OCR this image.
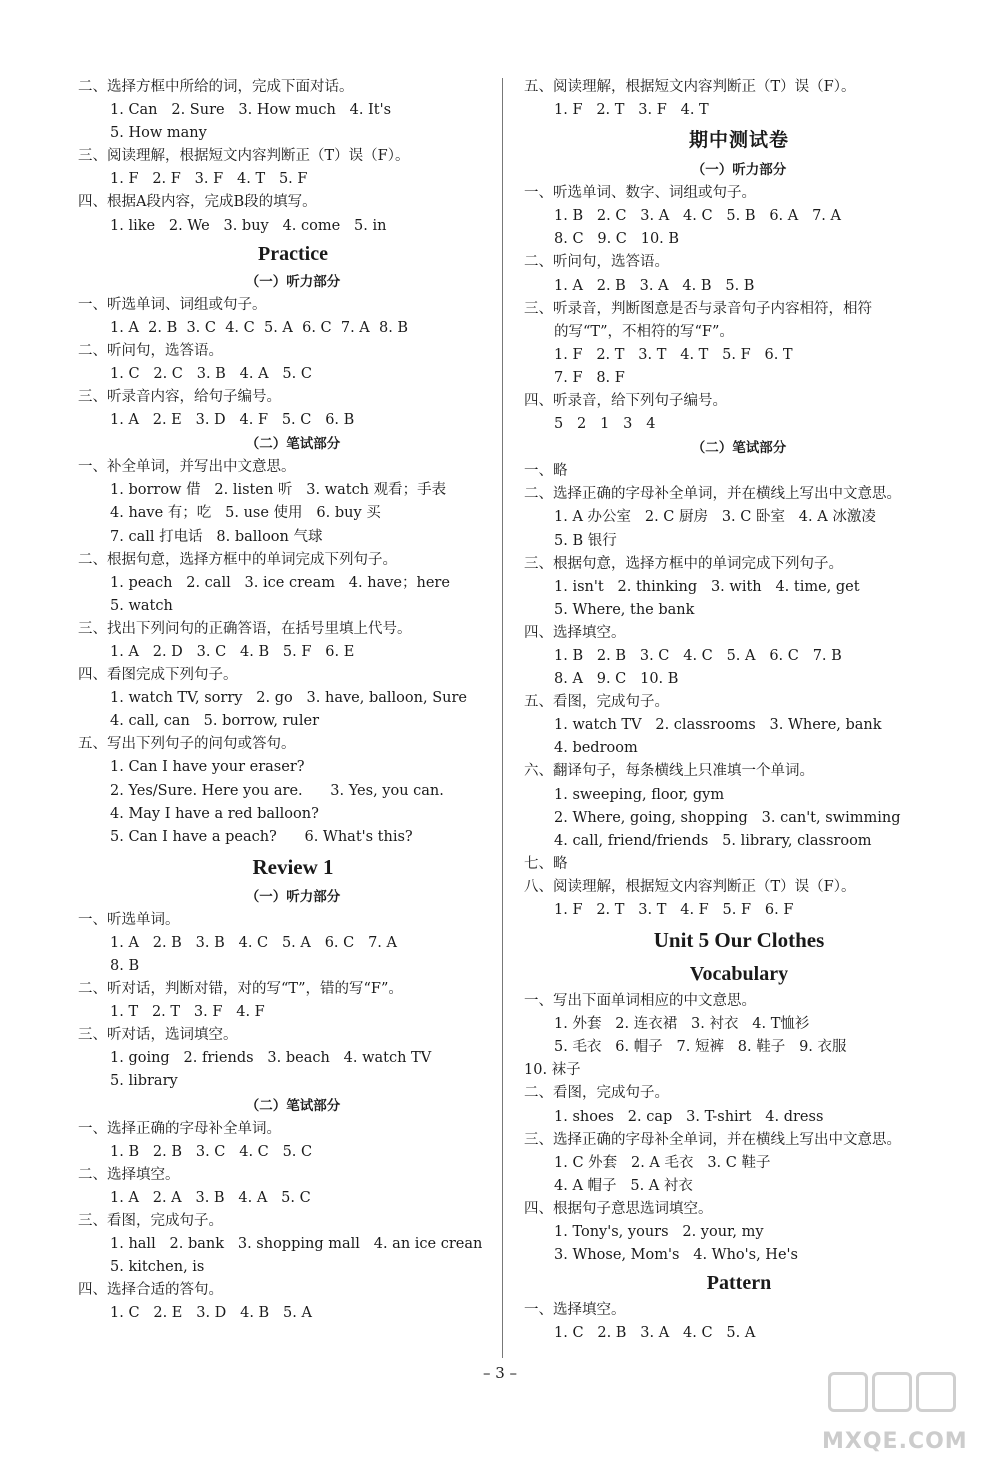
二、选择方框中所给的词，完成下面对话。
1. Can   2. Sure   3. How much   4. It's
5. How many
三、阅读理解，根据短文内容判断正（T）误（F）。
1. F   2. F   3. F   4. T   5. F
四、根据A段内容，完成B段的填写。
1. like   2. We   3. buy   4. come   5. in
Practice
（一）听力部分
一、听选单词、词组或句子。
1. A  2. B  3. C  4. C  5. A  6. C  7. A  8. B
二、听问句，选答语。
1. C   2. C   3. B   4. A   5. C
三、听录音内容，给句子编号。
1. A   2. E   3. D   4. F   5. C   6. B
（二）笔试部分
一、补全单词，并写出中文意思。
1. borrow 借   2. listen 听   3. watch 观看；手表
4. have 有；吃   5. use 使用   6. buy 买
7. call 打电话   8. balloon 气球
二、根据句意，选择方框中的单词完成下列句子。
1. peach   2. call   3. ice cream   4. have；here
5. watch
三、找出下列问句的正确答语，在括号里填上代号。
1. A   2. D   3. C   4. B   5. F   6. E
四、看图完成下列句子。
1. watch TV, sorry   2. go   3. have, balloon, Sure
4. call, can   5. borrow, ruler
五、写出下列句子的问句或答句。
1. Can I have your eraser?
2. Yes/Sure. Here you are.      3. Yes, you can.
4. May I have a red balloon?
5. Can I have a peach?      6. What's this?
Review 1
（一）听力部分
一、听选单词。
1. A   2. B   3. B   4. C   5. A   6. C   7. A
8. B
二、听对话，判断对错，对的写“T”，错的写“F”。
1. T   2. T   3. F   4. F
三、听对话，选词填空。
1. going   2. friends   3. beach   4. watch TV
5. library
（二）笔试部分
一、选择正确的字母补全单词。
1. B   2. B   3. C   4. C   5. C
二、选择填空。
1. A   2. A   3. B   4. A   5. C
三、看图，完成句子。
1. hall   2. bank   3. shopping mall   4. an ice crean
5. kitchen, is
四、选择合适的答句。
1. C   2. E   3. D   4. B   5. A
五、阅读理解，根据短文内容判断正（T）误（F）。
1. F   2. T   3. F   4. T
期中测试卷
（一）听力部分
一、听选单词、数字、词组或句子。
1. B   2. C   3. A   4. C   5. B   6. A   7. A
8. C   9. C   10. B
二、听问句，选答语。
1. A   2. B   3. A   4. B   5. B
三、听录音，判断图意是否与录音句子内容相符，相符
的写“T”，不相符的写“F”。
1. F   2. T   3. T   4. T   5. F   6. T
7. F   8. F
四、听录音，给下列句子编号。
5   2   1   3   4
（二）笔试部分
一、略
二、选择正确的字母补全单词，并在横线上写出中文意思。
1. A 办公室   2. C 厨房   3. C 卧室   4. A 冰激凌
5. B 银行
三、根据句意，选择方框中的单词完成下列句子。
1. isn't   2. thinking   3. with   4. time, get
5. Where, the bank
四、选择填空。
1. B   2. B   3. C   4. C   5. A   6. C   7. B
8. A   9. C   10. B
五、看图，完成句子。
1. watch TV   2. classrooms   3. Where, bank
4. bedroom
六、翻译句子，每条横线上只准填一个单词。
1. sweeping, floor, gym
2. Where, going, shopping   3. can't, swimming
4. call, friend/friends   5. library, classroom
七、略
八、阅读理解，根据短文内容判断正（T）误（F）。
1. F   2. T   3. T   4. F   5. F   6. F
Unit 5 Our Clothes
Vocabulary
一、写出下面单词相应的中文意思。
1. 外套   2. 连衣裙   3. 衬衣   4. T恤衫
5. 毛衣   6. 帽子   7. 短裤   8. 鞋子   9. 衣服
10. 袜子
二、看图，完成句子。
1. shoes   2. cap   3. T-shirt   4. dress
三、选择正确的字母补全单词，并在横线上写出中文意思。
1. C 外套   2. A 毛衣   3. C 鞋子
4. A 帽子   5. A 衬衣
四、根据句子意思选词填空。
1. Tony's, yours   2. your, my
3. Whose, Mom's   4. Who's, He's
Pattern
一、选择填空。
1. C   2. B   3. A   4. C   5. A
– 3 –
MXQE.COM
